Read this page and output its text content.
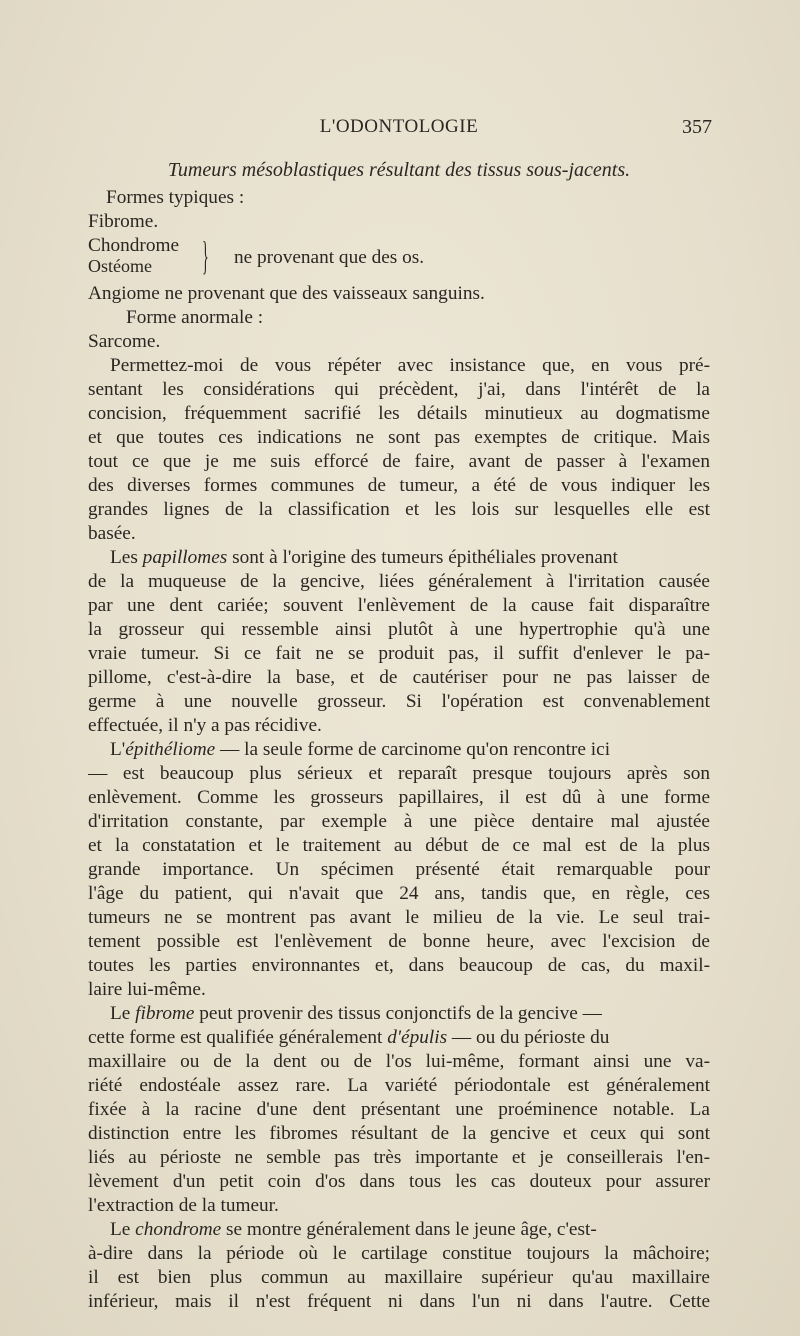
L'ODONTOLOGIE	357
Tumeurs mésoblastiques résultant des tissus sous-jacents.
Formes typiques :
Fibrome.
Chondrome
Ostéome } ne provenant que des os.
Angiome ne provenant que des vaisseaux sanguins.
Forme anormale :
Sarcome.
Permettez-moi de vous répéter avec insistance que, en vous pré-
sentant les considérations qui précèdent, j'ai, dans l'intérêt de la
concision, fréquemment sacrifié les détails minutieux au dogmatisme
et que toutes ces indications ne sont pas exemptes de critique. Mais
tout ce que je me suis efforcé de faire, avant de passer à l'examen
des diverses formes communes de tumeur, a été de vous indiquer les
grandes lignes de la classification et les lois sur lesquelles elle est
basée.
Les papillomes sont à l'origine des tumeurs épithéliales provenant
de la muqueuse de la gencive, liées généralement à l'irritation causée
par une dent cariée; souvent l'enlèvement de la cause fait disparaître
la grosseur qui ressemble ainsi plutôt à une hypertrophie qu'à une
vraie tumeur. Si ce fait ne se produit pas, il suffit d'enlever le pa-
pillome, c'est-à-dire la base, et de cautériser pour ne pas laisser de
germe à une nouvelle grosseur. Si l'opération est convenablement
effectuée, il n'y a pas récidive.
L'épithéliome — la seule forme de carcinome qu'on rencontre ici
— est beaucoup plus sérieux et reparaît presque toujours après son
enlèvement. Comme les grosseurs papillaires, il est dû à une forme
d'irritation constante, par exemple à une pièce dentaire mal ajustée
et la constatation et le traitement au début de ce mal est de la plus
grande importance. Un spécimen présenté était remarquable pour
l'âge du patient, qui n'avait que 24 ans, tandis que, en règle, ces
tumeurs ne se montrent pas avant le milieu de la vie. Le seul trai-
tement possible est l'enlèvement de bonne heure, avec l'excision de
toutes les parties environnantes et, dans beaucoup de cas, du maxil-
laire lui-même.
Le fibrome peut provenir des tissus conjonctifs de la gencive —
cette forme est qualifiée généralement d'épulis — ou du périoste du
maxillaire ou de la dent ou de l'os lui-même, formant ainsi une va-
riété endostéale assez rare. La variété périodontale est généralement
fixée à la racine d'une dent présentant une proéminence notable. La
distinction entre les fibromes résultant de la gencive et ceux qui sont
liés au périoste ne semble pas très importante et je conseillerais l'en-
lèvement d'un petit coin d'os dans tous les cas douteux pour assurer
l'extraction de la tumeur.
Le chondrome se montre généralement dans le jeune âge, c'est-
à-dire dans la période où le cartilage constitue toujours la mâchoire;
il est bien plus commun au maxillaire supérieur qu'au maxillaire
inférieur, mais il n'est fréquent ni dans l'un ni dans l'autre. Cette
